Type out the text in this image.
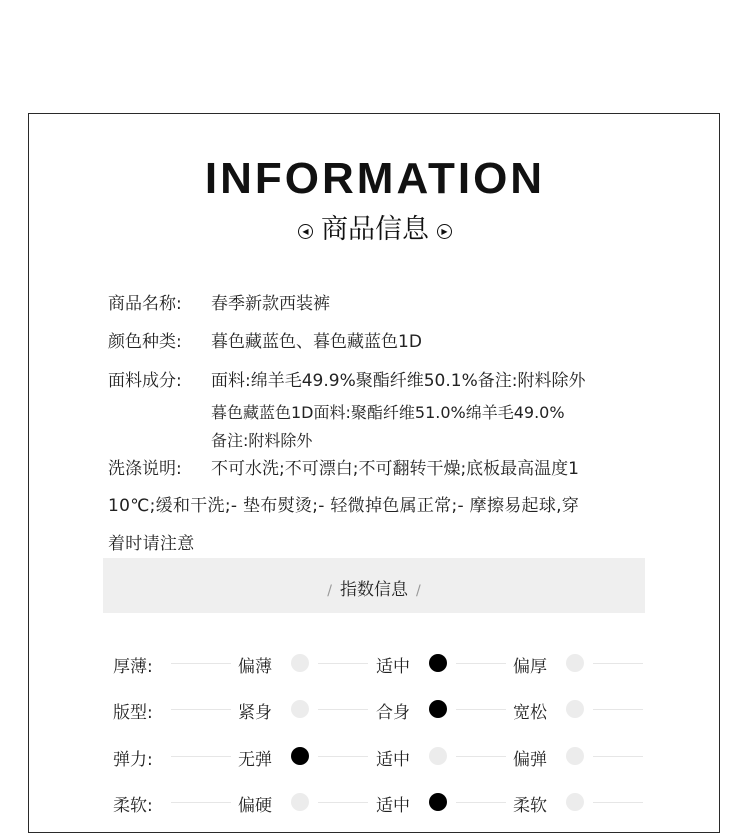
INFORMATION
◀ 商品信息 ▶
商品名称: 春季新款西装裤
颜色种类: 暮色藏蓝色、暮色藏蓝色1D
面料成分: 面料:绵羊毛49.9%聚酯纤维50.1%备注:附料除外
暮色藏蓝色1D面料:聚酯纤维51.0%绵羊毛49.0%
备注:附料除外
洗涤说明: 不可水洗;不可漂白;不可翻转干燥;底板最高温度1
10℃;缓和干洗;- 垫布熨烫;- 轻微掉色属正常;- 摩擦易起球,穿
着时请注意
/ 指数信息 /
厚薄:	偏薄	适中	偏厚
版型:	紧身	合身	宽松
弹力:	无弹	适中	偏弹
柔软:	偏硬	适中	柔软
